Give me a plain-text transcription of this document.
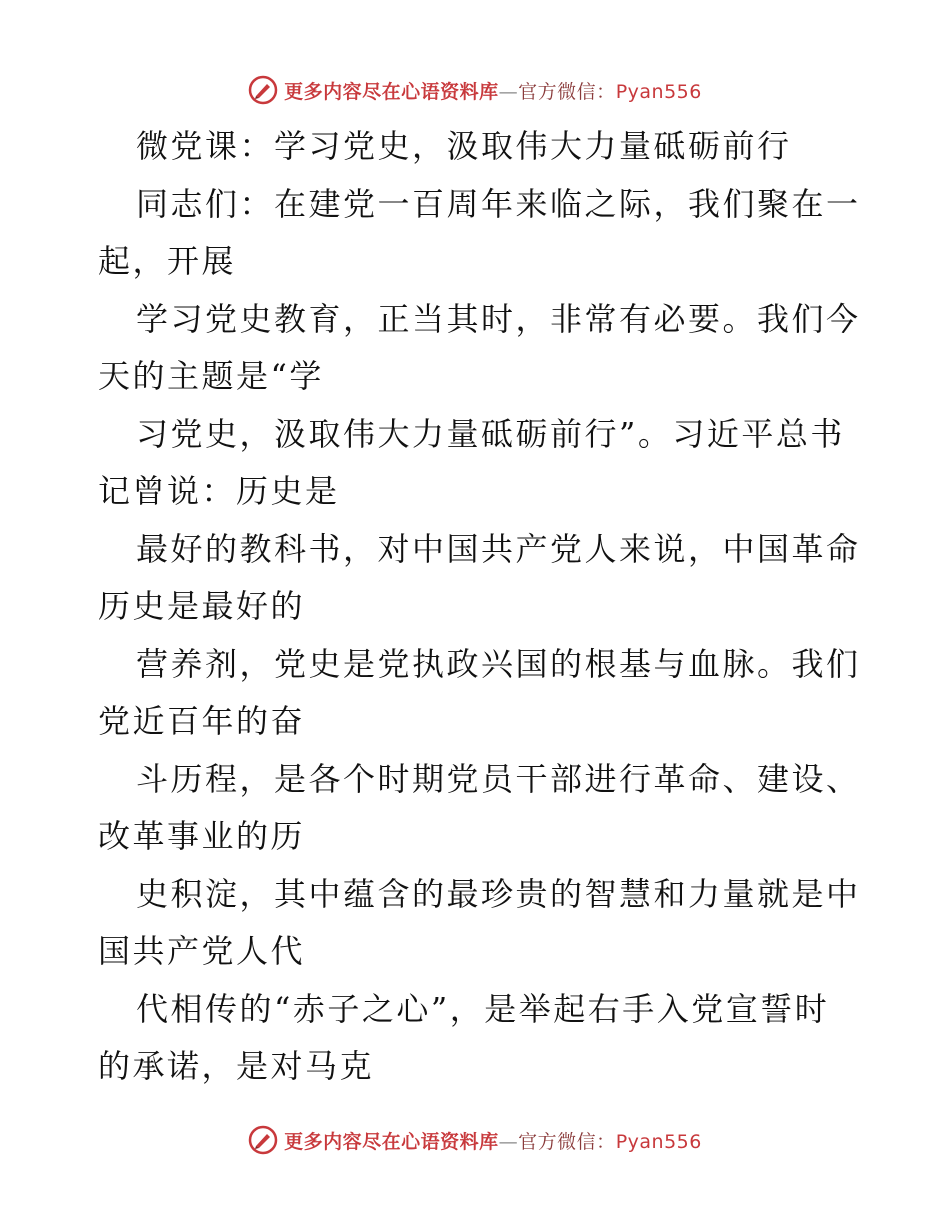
更多内容尽在心语资料库—官方微信：Pyan556
微党课：学习党史，汲取伟大力量砥砺前行
同志们：在建党一百周年来临之际，我们聚在一
起，开展
学习党史教育，正当其时，非常有必要。我们今
天的主题是“学
习党史，汲取伟大力量砥砺前行”。习近平总书
记曾说：历史是
最好的教科书，对中国共产党人来说，中国革命
历史是最好的
营养剂，党史是党执政兴国的根基与血脉。我们
党近百年的奋
斗历程，是各个时期党员干部进行革命、建设、
改革事业的历
史积淀，其中蕴含的最珍贵的智慧和力量就是中
国共产党人代
代相传的“赤子之心”，是举起右手入党宣誓时
的承诺，是对马克
更多内容尽在心语资料库—官方微信：Pyan556
